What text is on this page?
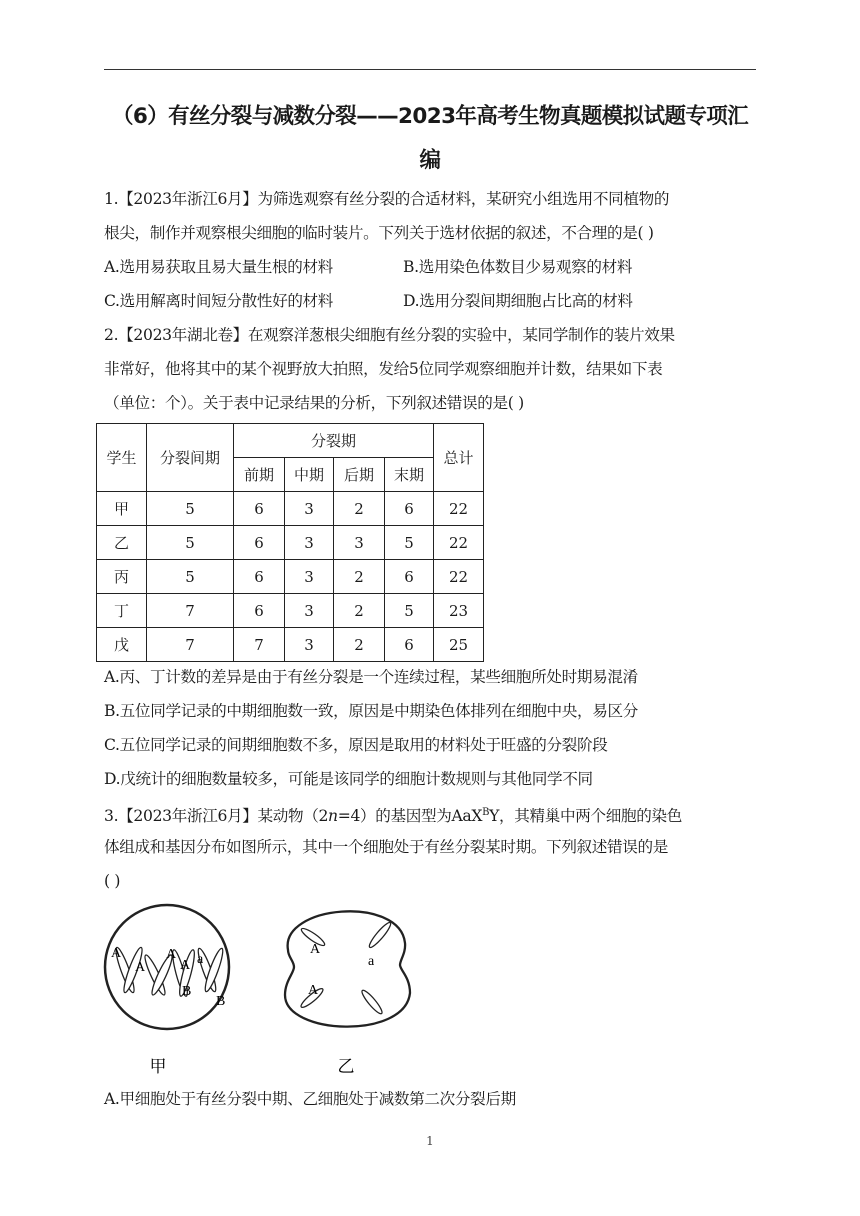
（6）有丝分裂与减数分裂——2023年高考生物真题模拟试题专项汇
编
1.【2023年浙江6月】为筛选观察有丝分裂的合适材料，某研究小组选用不同植物的
根尖，制作并观察根尖细胞的临时装片。下列关于选材依据的叙述，不合理的是( )
A.选用易获取且易大量生根的材料	B.选用染色体数目少易观察的材料
C.选用解离时间短分散性好的材料	D.选用分裂间期细胞占比高的材料
2.【2023年湖北卷】在观察洋葱根尖细胞有丝分裂的实验中，某同学制作的装片效果
非常好，他将其中的某个视野放大拍照，发给5位同学观察细胞并计数，结果如下表
（单位：个）。关于表中记录结果的分析，下列叙述错误的是( )
学生	分裂间期	分裂期				总计
		前期	中期	后期	末期	
甲	5	6	3	2	6	22
乙	5	6	3	3	5	22
丙	5	6	3	2	6	22
丁	7	6	3	2	5	23
戊	7	7	3	2	6	25
A.丙、丁计数的差异是由于有丝分裂是一个连续过程，某些细胞所处时期易混淆
B.五位同学记录的中期细胞数一致，原因是中期染色体排列在细胞中央，易区分
C.五位同学记录的间期细胞数不多，原因是取用的材料处于旺盛的分裂阶段
D.戊统计的细胞数量较多，可能是该同学的细胞计数规则与其他同学不同
3.【2023年浙江6月】某动物（2n=4）的基因型为AaX$^B$Y，其精巢中两个细胞的染色
体组成和基因分布如图所示，其中一个细胞处于有丝分裂某时期。下列叙述错误的是
( )
A
A
A
A a
B
B
甲
A
a
A
乙
A.甲细胞处于有丝分裂中期、乙细胞处于减数第二次分裂后期
1
